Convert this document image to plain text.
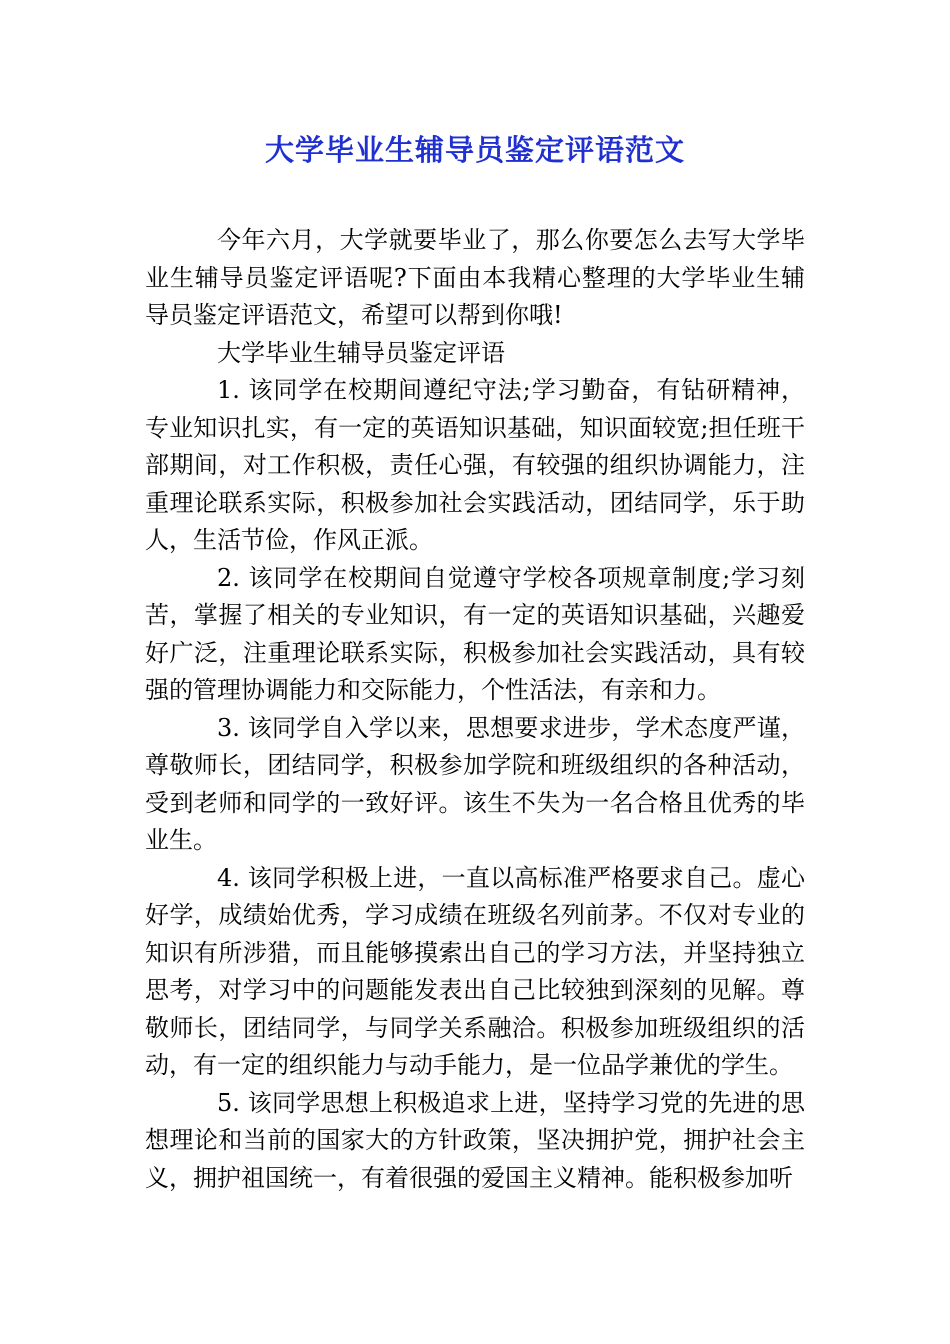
大学毕业生辅导员鉴定评语范文

今年六月，大学就要毕业了，那么你要怎么去写大学毕业生辅导员鉴定评语呢?下面由本我精心整理的大学毕业生辅导员鉴定评语范文，希望可以帮到你哦!

大学毕业生辅导员鉴定评语

1. 该同学在校期间遵纪守法;学习勤奋，有钻研精神，专业知识扎实，有一定的英语知识基础，知识面较宽;担任班干部期间，对工作积极，责任心强，有较强的组织协调能力，注重理论联系实际，积极参加社会实践活动，团结同学，乐于助人，生活节俭，作风正派。

2. 该同学在校期间自觉遵守学校各项规章制度;学习刻苦，掌握了相关的专业知识，有一定的英语知识基础，兴趣爱好广泛，注重理论联系实际，积极参加社会实践活动，具有较强的管理协调能力和交际能力，个性活法，有亲和力。

3. 该同学自入学以来，思想要求进步，学术态度严谨，尊敬师长，团结同学，积极参加学院和班级组织的各种活动，受到老师和同学的一致好评。该生不失为一名合格且优秀的毕业生。

4. 该同学积极上进，一直以高标准严格要求自己。虚心好学，成绩始优秀，学习成绩在班级名列前茅。不仅对专业的知识有所涉猎，而且能够摸索出自己的学习方法，并坚持独立思考，对学习中的问题能发表出自己比较独到深刻的见解。尊敬师长，团结同学，与同学关系融洽。积极参加班级组织的活动，有一定的组织能力与动手能力，是一位品学兼优的学生。

5. 该同学思想上积极追求上进，坚持学习党的先进的思想理论和当前的国家大的方针政策，坚决拥护党，拥护社会主义，拥护祖国统一，有着很强的爱国主义精神。能积极参加听
